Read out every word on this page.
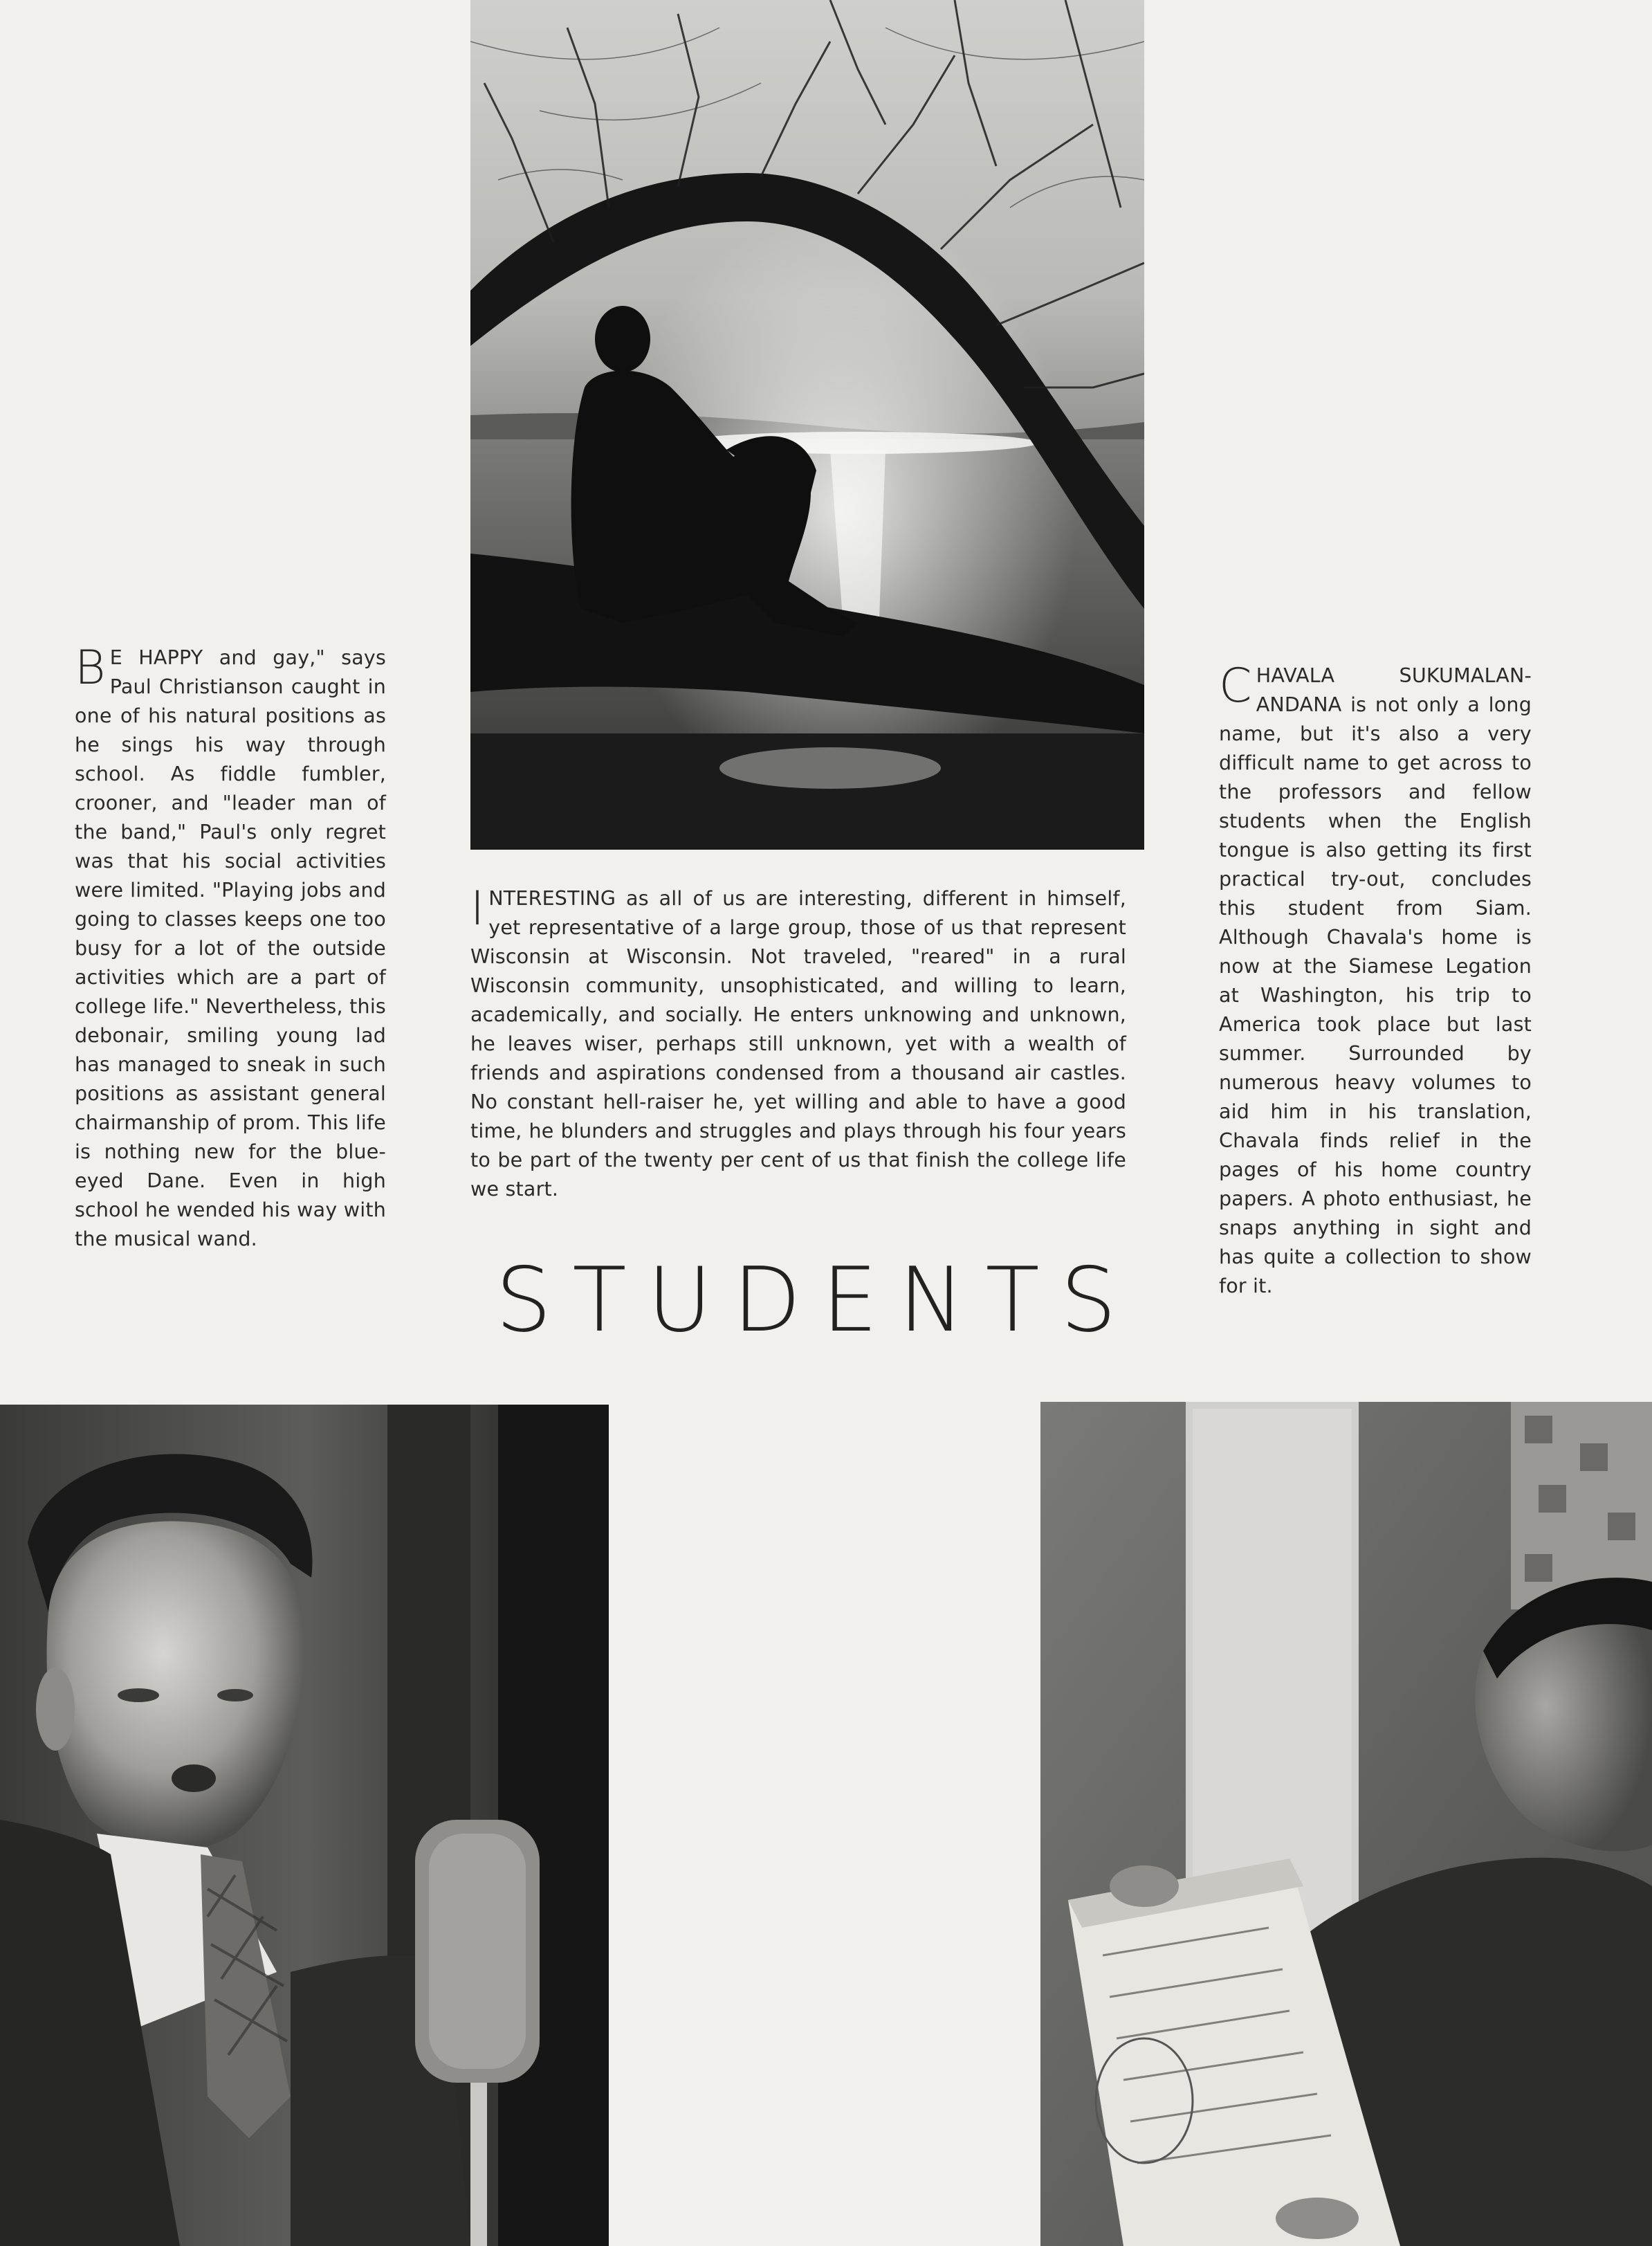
B E HAPPY and gay," says Paul Christianson caught in one of his natural positions as he sings his way through school. As fiddle fumbler, crooner, and "leader man of the band," Paul's only regret was that his social activities were limited. "Playing jobs and going to classes keeps one too busy for a lot of the outside activities which are a part of college life." Nevertheless, this debonair, smiling young lad has managed to sneak in such positions as assistant general chairmanship of prom. This life is nothing new for the blue-eyed Dane. Even in high school he wended his way with the musical wand.
INTERESTING as all of us are interesting, different in himself, yet representative of a large group, those of us that represent Wisconsin at Wisconsin. Not traveled, "reared" in a rural Wisconsin community, unsophisticated, and willing to learn, academically, and socially. He enters unknowing and unknown, he leaves wiser, perhaps still unknown, yet with a wealth of friends and aspirations condensed from a thousand air castles. No constant hell-raiser he, yet willing and able to have a good time, he blunders and struggles and plays through his four years to be part of the twenty per cent of us that finish the college life we start.
CHAVALA SUKUMALAN-ANDANA is not only a long name, but it's also a very difficult name to get across to the professors and fellow students when the English tongue is also getting its first practical try-out, concludes this student from Siam. Although Chavala's home is now at the Siamese Legation at Washington, his trip to America took place but last summer. Surrounded by numerous heavy volumes to aid him in his translation, Chavala finds relief in the pages of his home country papers. A photo enthusiast, he snaps anything in sight and has quite a collection to show for it.
STUDENTS
